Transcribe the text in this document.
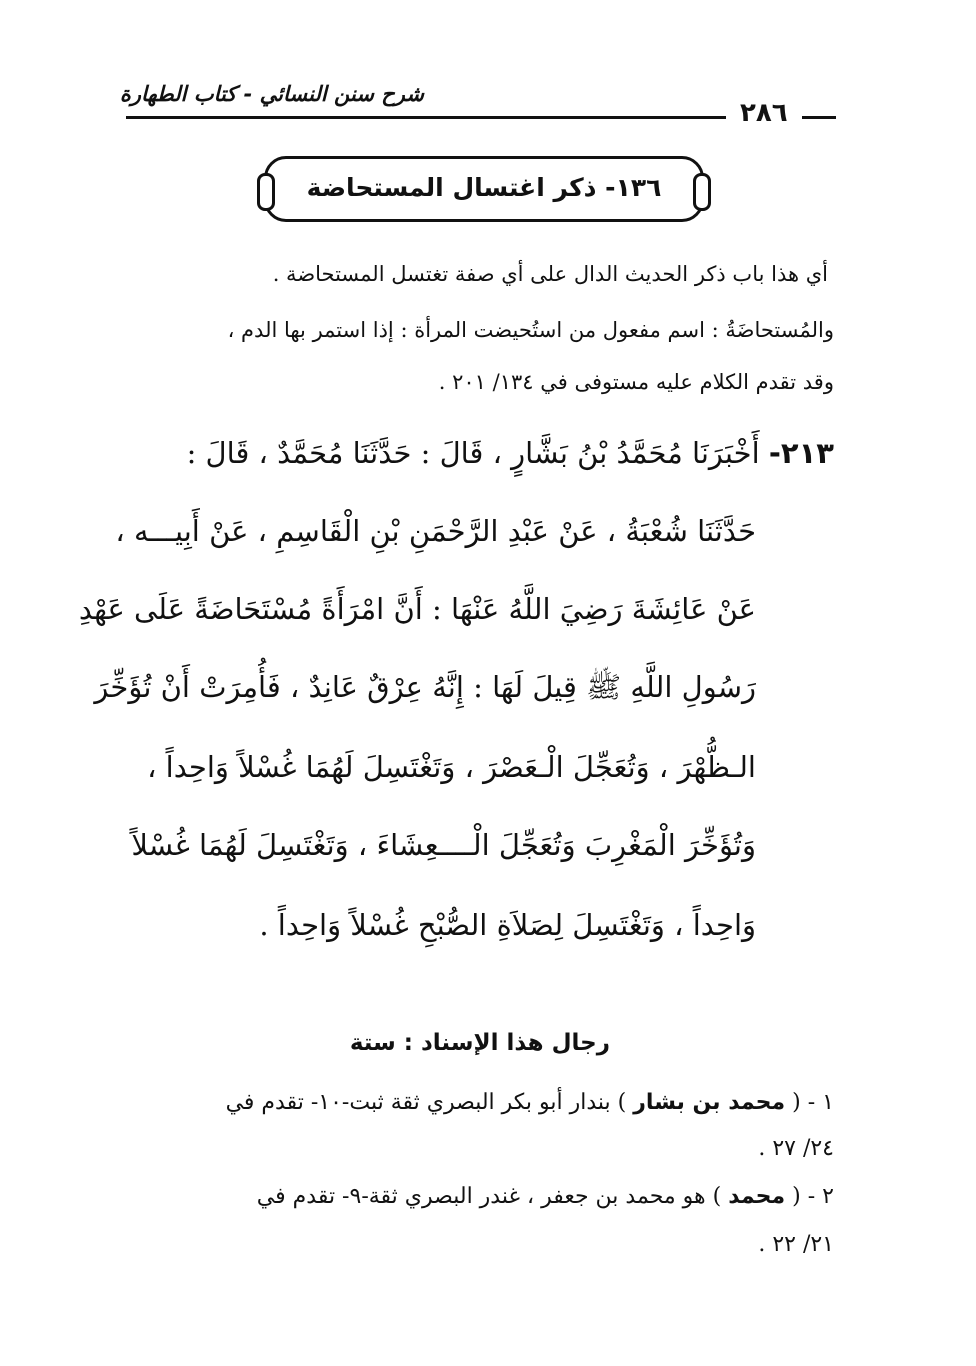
شرح سنن النسائي - كتاب الطهارة
٢٨٦
١٣٦- ذكر اغتسال المستحاضة
أي هذا باب ذكر الحديث الدال على أي صفة تغتسل المستحاضة .
والمُستحاضَةُ : اسم مفعول من استُحيضت المرأة : إذا استمر بها الدم ،
وقد تقدم الكلام عليه مستوفى في ١٣٤/ ٢٠١ .
٢١٣- أَخْبَرَنَا مُحَمَّدُ بْنُ بَشَّارٍ ، قَالَ : حَدَّثَنَا مُحَمَّدٌ ، قَالَ :
حَدَّثَنَا شُعْبَةُ ، عَنْ عَبْدِ الرَّحْمَنِ بْنِ الْقَاسِمِ ، عَنْ أَبِيـــه ،
عَنْ عَائِشَةَ رَضِيَ اللَّهُ عَنْهَا : أَنَّ امْرَأَةً مُسْتَحَاضَةً عَلَى عَهْدِ
رَسُولِ اللَّهِ ﷺ قِيلَ لَهَا : إِنَّهُ عِرْقٌ عَانِدٌ ، فَأُمِرَتْ أَنْ تُؤَخِّرَ
الـظُّهْرَ ، وَتُعَجِّلَ الْـعَصْرَ ، وَتَغْتَسِلَ لَهُمَا غُسْلاً وَاحِداً ،
وَتُؤَخِّرَ الْمَغْرِبَ وَتُعَجِّلَ الْــــعِشَاءَ ، وَتَغْتَسِلَ لَهُمَا غُسْلاً
وَاحِداً ، وَتَغْتَسِلَ لِصَلاَةِ الصُّبْحِ غُسْلاً وَاحِداً .
رجال هذا الإسناد : ستة
١ - ( محمد بن بشار ) بندار أبو بكر البصري ثقة ثبت-١٠- تقدم في
٢٤/ ٢٧ .
٢ - ( محمد ) هو محمد بن جعفر ، غندر البصري ثقة-٩- تقدم في
٢١/ ٢٢ .
